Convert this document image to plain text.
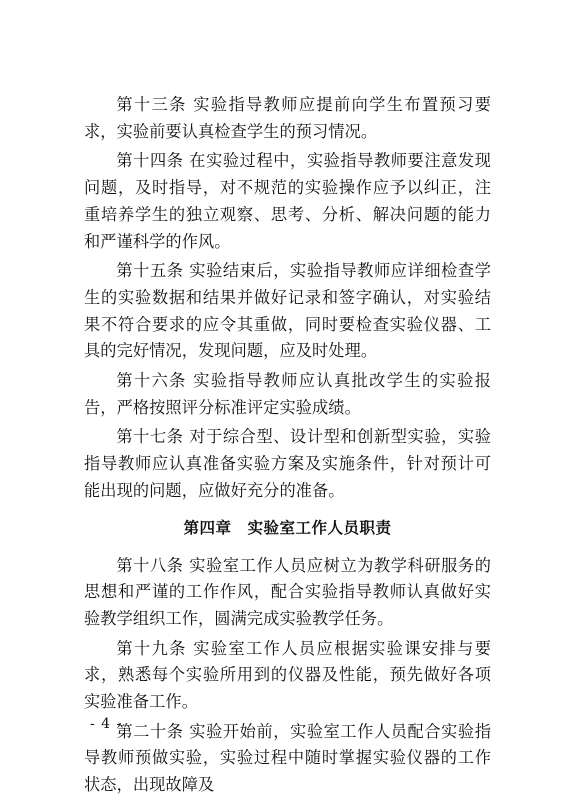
第十三条 实验指导教师应提前向学生布置预习要求，实验前要认真检查学生的预习情况。

第十四条 在实验过程中，实验指导教师要注意发现问题，及时指导，对不规范的实验操作应予以纠正，注重培养学生的独立观察、思考、分析、解决问题的能力和严谨科学的作风。

第十五条 实验结束后，实验指导教师应详细检查学生的实验数据和结果并做好记录和签字确认，对实验结果不符合要求的应令其重做，同时要检查实验仪器、工具的完好情况，发现问题，应及时处理。

第十六条 实验指导教师应认真批改学生的实验报告，严格按照评分标准评定实验成绩。

第十七条 对于综合型、设计型和创新型实验，实验指导教师应认真准备实验方案及实施条件，针对预计可能出现的问题，应做好充分的准备。

第四章　实验室工作人员职责

第十八条 实验室工作人员应树立为教学科研服务的思想和严谨的工作作风，配合实验指导教师认真做好实验教学组织工作，圆满完成实验教学任务。

第十九条 实验室工作人员应根据实验课安排与要求，熟悉每个实验所用到的仪器及性能，预先做好各项实验准备工作。

第二十条 实验开始前，实验室工作人员配合实验指导教师预做实验，实验过程中随时掌握实验仪器的工作状态，出现故障及

- 4 -
